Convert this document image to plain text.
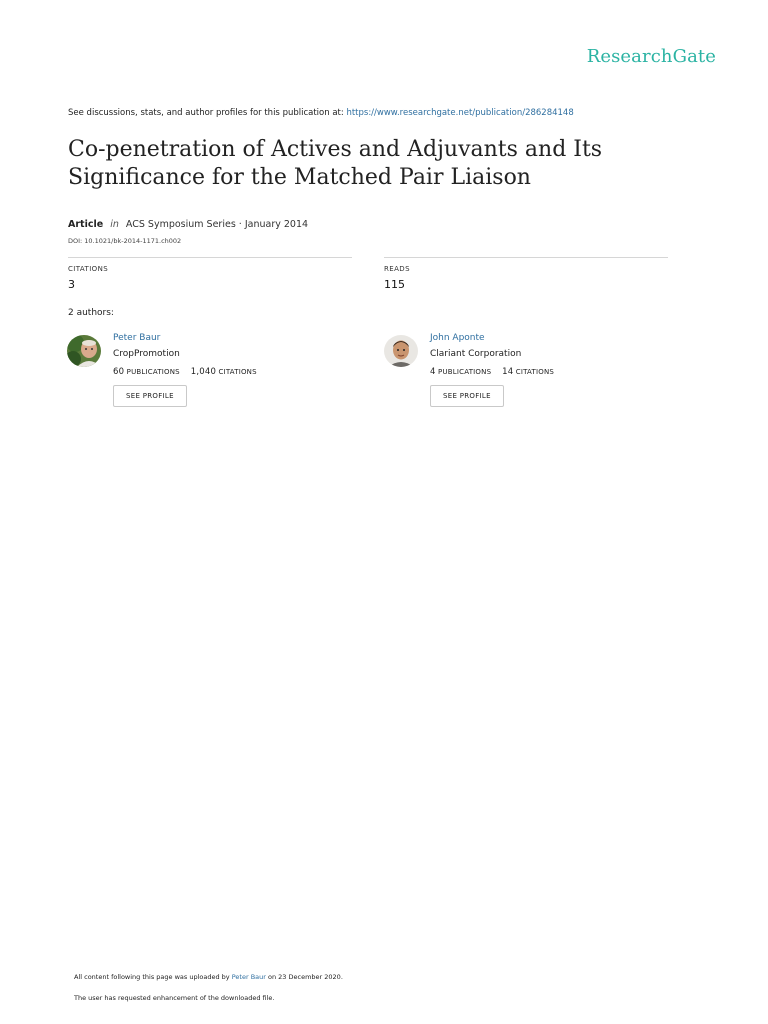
ResearchGate
See discussions, stats, and author profiles for this publication at: https://www.researchgate.net/publication/286284148
Co-penetration of Actives and Adjuvants and Its Significance for the Matched Pair Liaison
Article in ACS Symposium Series · January 2014
DOI: 10.1021/bk-2014-1171.ch002
CITATIONS
3
READS
115
2 authors:
Peter Baur
CropPromotion
60 PUBLICATIONS 1,040 CITATIONS
SEE PROFILE
John Aponte
Clariant Corporation
4 PUBLICATIONS 14 CITATIONS
SEE PROFILE
All content following this page was uploaded by Peter Baur on 23 December 2020.
The user has requested enhancement of the downloaded file.
